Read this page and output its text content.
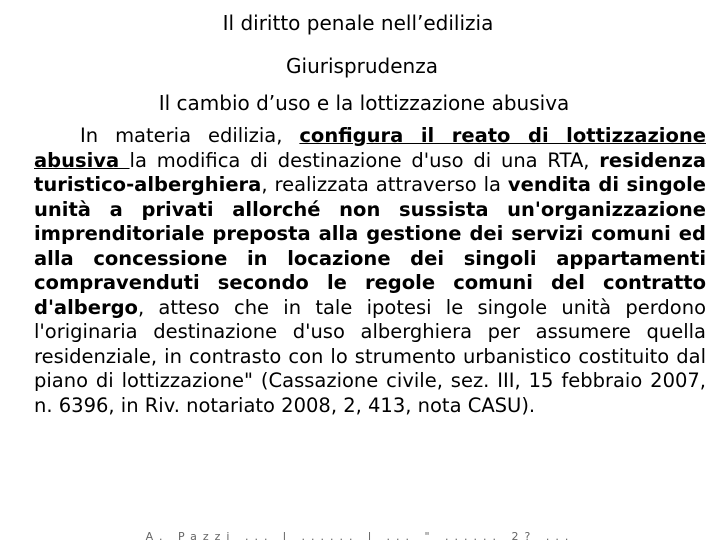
Il diritto penale nell’edilizia
Giurisprudenza
Il cambio d’uso e la lottizzazione abusiva

In materia edilizia, configura il reato di lottizzazione abusiva la modifica di destinazione d'uso di una RTA, residenza turistico-alberghiera, realizzata attraverso la vendita di singole unità a privati allorché non sussista un'organizzazione imprenditoriale preposta alla gestione dei servizi comuni ed alla concessione in locazione dei singoli appartamenti compravenduti secondo le regole comuni del contratto d'albergo, atteso che in tale ipotesi le singole unità perdono l'originaria destinazione d'uso alberghiera per assumere quella residenziale, in contrasto con lo strumento urbanistico costituito dal piano di lottizzazione" (Cassazione civile, sez. III, 15 febbraio 2007, n. 6396, in Riv. notariato 2008, 2, 413, nota CASU).

A. Pazzi ... l ...... l ... " ...... 2? ...
